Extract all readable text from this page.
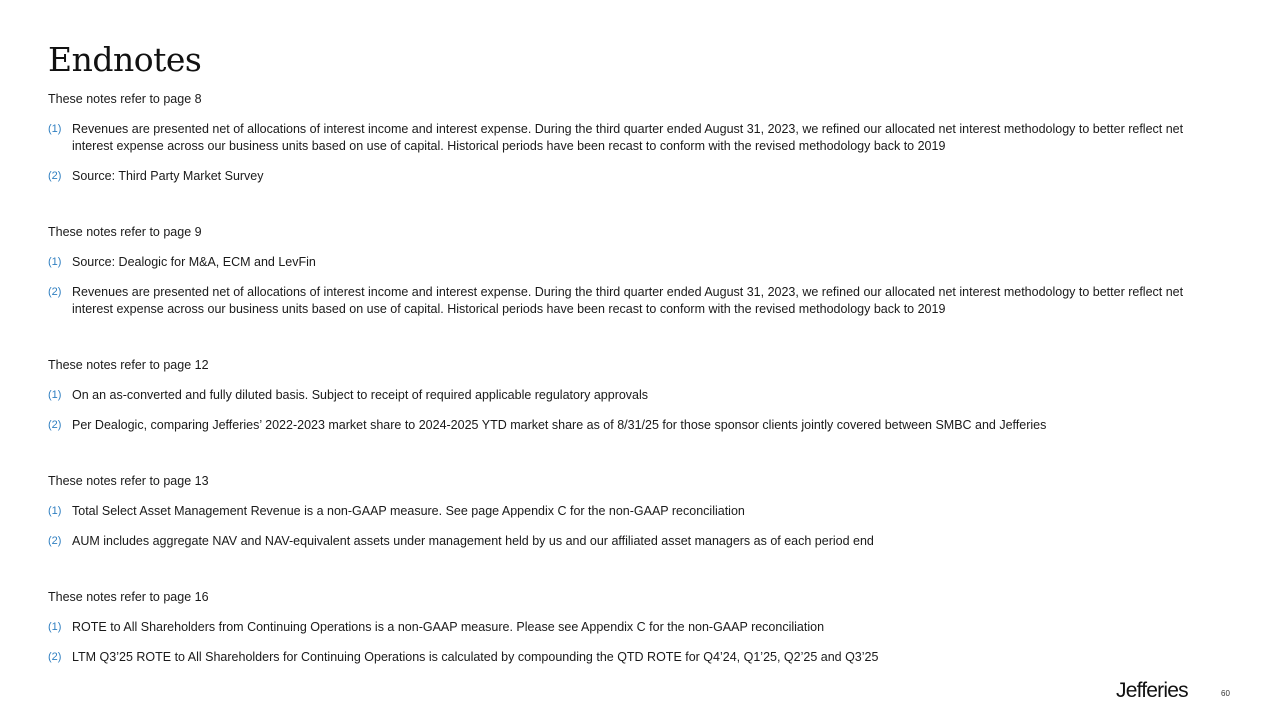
Endnotes
These notes refer to page 8
(1) Revenues are presented net of allocations of interest income and interest expense. During the third quarter ended August 31, 2023, we refined our allocated net interest methodology to better reflect net interest expense across our business units based on use of capital. Historical periods have been recast to conform with the revised methodology back to 2019
(2) Source: Third Party Market Survey
These notes refer to page 9
(1) Source: Dealogic for M&A, ECM and LevFin
(2) Revenues are presented net of allocations of interest income and interest expense. During the third quarter ended August 31, 2023, we refined our allocated net interest methodology to better reflect net interest expense across our business units based on use of capital. Historical periods have been recast to conform with the revised methodology back to 2019
These notes refer to page 12
(1) On an as-converted and fully diluted basis. Subject to receipt of required applicable regulatory approvals
(2) Per Dealogic, comparing Jefferies’ 2022-2023 market share to 2024-2025 YTD market share as of 8/31/25 for those sponsor clients jointly covered between SMBC and Jefferies
These notes refer to page 13
(1) Total Select Asset Management Revenue is a non-GAAP measure. See page Appendix C for the non-GAAP reconciliation
(2) AUM includes aggregate NAV and NAV-equivalent assets under management held by us and our affiliated asset managers as of each period end
These notes refer to page 16
(1) ROTE to All Shareholders from Continuing Operations is a non-GAAP measure. Please see Appendix C for the non-GAAP reconciliation
(2) LTM Q3’25 ROTE to All Shareholders for Continuing Operations is calculated by compounding the QTD ROTE for Q4’24, Q1’25, Q2’25 and Q3’25
Jefferies	60
